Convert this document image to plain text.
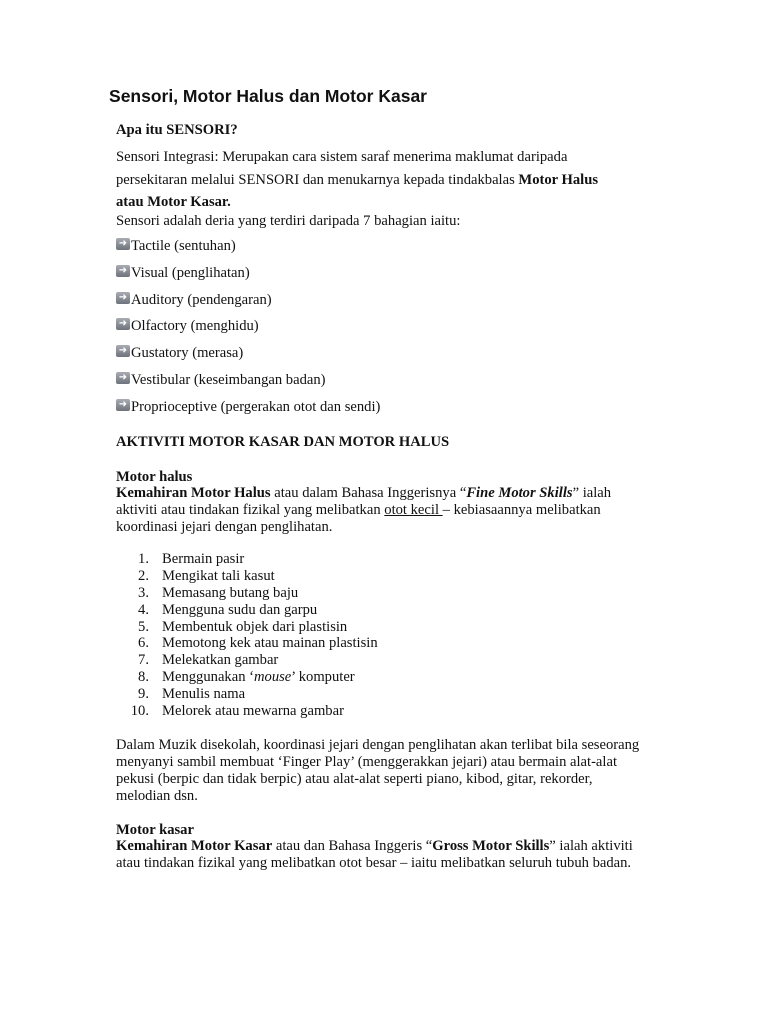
Sensori, Motor Halus dan Motor Kasar

Apa itu SENSORI?

Sensori Integrasi: Merupakan cara sistem saraf menerima maklumat daripada persekitaran melalui SENSORI dan menukarnya kepada tindakbalas Motor Halus
atau Motor Kasar.

Sensori adalah deria yang terdiri daripada 7 bahagian iaitu:

➜ Tactile (sentuhan)
➜ Visual (penglihatan)
➜ Auditory (pendengaran)
➜ Olfactory (menghidu)
➜ Gustatory (merasa)
➜ Vestibular (keseimbangan badan)
➜ Proprioceptive (pergerakan otot dan sendi)

AKTIVITI MOTOR KASAR DAN MOTOR HALUS

Motor halus

Kemahiran Motor Halus atau dalam Bahasa Inggerisnya “Fine Motor Skills” ialah aktiviti atau tindakan fizikal yang melibatkan otot kecil – kebiasaannya melibatkan koordinasi jejari dengan penglihatan.

1. Bermain pasir
2. Mengikat tali kasut
3. Memasang butang baju
4. Mengguna sudu dan garpu
5. Membentuk objek dari plastisin
6. Memotong kek atau mainan plastisin
7. Melekatkan gambar
8. Menggunakan ‘mouse’ komputer
9. Menulis nama
10. Melorek atau mewarna gambar

Dalam Muzik disekolah, koordinasi jejari dengan penglihatan akan terlibat bila seseorang menyanyi sambil membuat ‘Finger Play’ (menggerakkan jejari) atau bermain alat-alat pekusi (berpic dan tidak berpic) atau alat-alat seperti piano, kibod, gitar, rekorder, melodian dsn.

Motor kasar

Kemahiran Motor Kasar atau dan Bahasa Inggeris “Gross Motor Skills” ialah aktiviti atau tindakan fizikal yang melibatkan otot besar – iaitu melibatkan seluruh tubuh badan.
